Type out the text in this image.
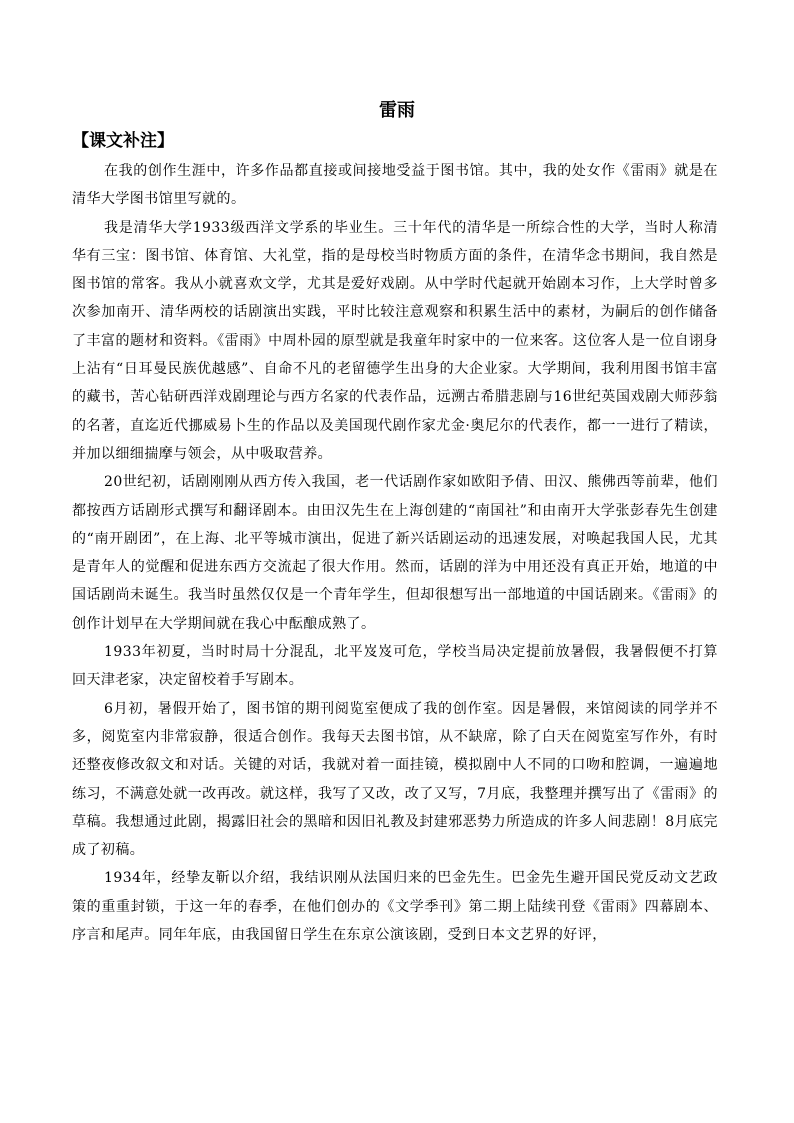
雷雨
【课文补注】

在我的创作生涯中，许多作品都直接或间接地受益于图书馆。其中，我的处女作《雷雨》就是在清华大学图书馆里写就的。

我是清华大学1933级西洋文学系的毕业生。三十年代的清华是一所综合性的大学，当时人称清华有三宝：图书馆、体育馆、大礼堂，指的是母校当时物质方面的条件，在清华念书期间，我自然是图书馆的常客。我从小就喜欢文学，尤其是爱好戏剧。从中学时代起就开始剧本习作，上大学时曾多次参加南开、清华两校的话剧演出实践，平时比较注意观察和积累生活中的素材，为嗣后的创作储备了丰富的题材和资料。《雷雨》中周朴园的原型就是我童年时家中的一位来客。这位客人是一位自诩身上沾有“日耳曼民族优越感”、自命不凡的老留德学生出身的大企业家。大学期间，我利用图书馆丰富的藏书，苦心钻研西洋戏剧理论与西方名家的代表作品，远溯古希腊悲剧与16世纪英国戏剧大师莎翁的名著，直迄近代挪威易卜生的作品以及美国现代剧作家尤金·奥尼尔的代表作，都一一进行了精读，并加以细细揣摩与领会，从中吸取营养。

20世纪初，话剧刚刚从西方传入我国，老一代话剧作家如欧阳予倩、田汉、熊佛西等前辈，他们都按西方话剧形式撰写和翻译剧本。由田汉先生在上海创建的“南国社”和由南开大学张彭春先生创建的“南开剧团”，在上海、北平等城市演出，促进了新兴话剧运动的迅速发展，对唤起我国人民，尤其是青年人的觉醒和促进东西方交流起了很大作用。然而，话剧的洋为中用还没有真正开始，地道的中国话剧尚未诞生。我当时虽然仅仅是一个青年学生，但却很想写出一部地道的中国话剧来。《雷雨》的创作计划早在大学期间就在我心中酝酿成熟了。

1933年初夏，当时时局十分混乱，北平岌岌可危，学校当局决定提前放暑假，我暑假便不打算回天津老家，决定留校着手写剧本。

6月初，暑假开始了，图书馆的期刊阅览室便成了我的创作室。因是暑假，来馆阅读的同学并不多，阅览室内非常寂静，很适合创作。我每天去图书馆，从不缺席，除了白天在阅览室写作外，有时还整夜修改叙文和对话。关键的对话，我就对着一面挂镜，模拟剧中人不同的口吻和腔调，一遍遍地练习，不满意处就一改再改。就这样，我写了又改，改了又写，7月底，我整理并撰写出了《雷雨》的草稿。我想通过此剧，揭露旧社会的黑暗和因旧礼教及封建邪恶势力所造成的许多人间悲剧！8月底完成了初稿。

1934年，经挚友靳以介绍，我结识刚从法国归来的巴金先生。巴金先生避开国民党反动文艺政策的重重封锁，于这一年的春季，在他们创办的《文学季刊》第二期上陆续刊登《雷雨》四幕剧本、序言和尾声。同年年底，由我国留日学生在东京公演该剧，受到日本文艺界的好评，
